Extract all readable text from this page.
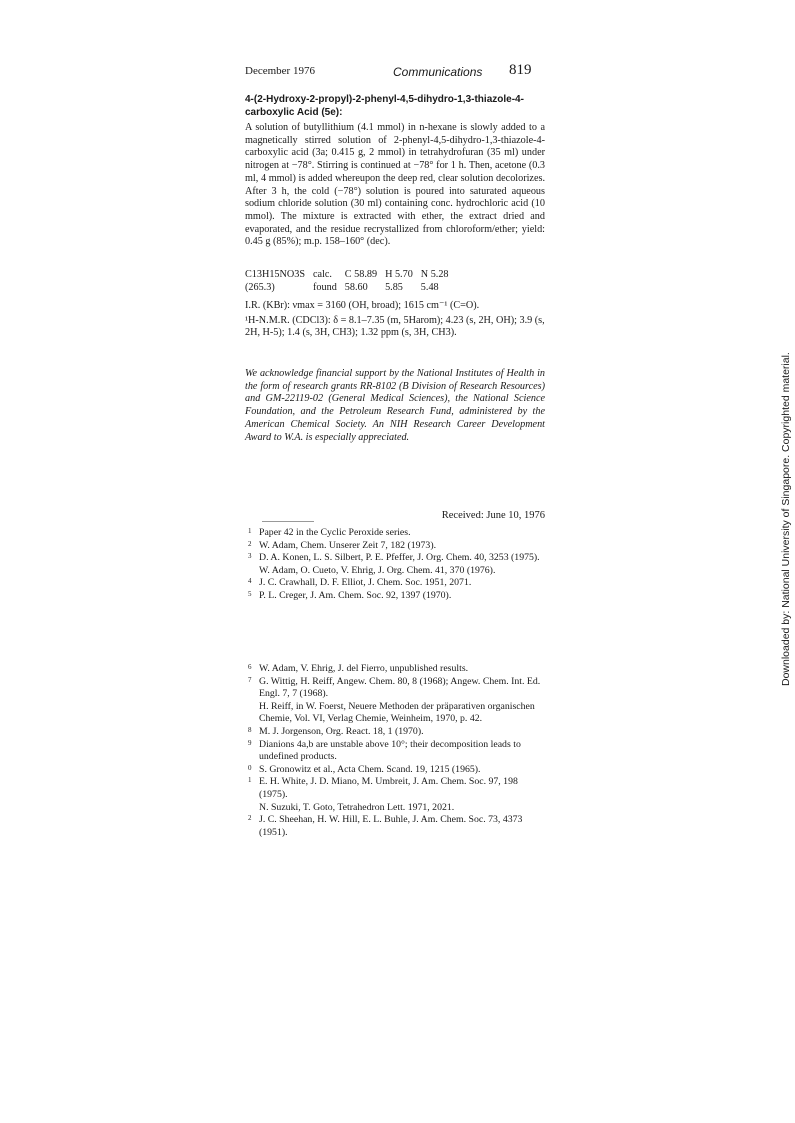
December 1976	Communications 819

4-(2-Hydroxy-2-propyl)-2-phenyl-4,5-dihydro-1,3-thiazole-4-carboxylic Acid (5e):

A solution of butyllithium (4.1 mmol) in n-hexane is slowly added to a magnetically stirred solution of 2-phenyl-4,5-dihydro-1,3-thiazole-4-carboxylic acid (3a; 0.415 g, 2 mmol) in tetrahydrofuran (35 ml) under nitrogen at −78°. Stirring is continued at −78° for 1 h. Then, acetone (0.3 ml, 4 mmol) is added whereupon the deep red, clear solution decolorizes. After 3 h, the cold (−78°) solution is poured into saturated aqueous sodium chloride solution (30 ml) containing conc. hydrochloric acid (10 mmol). The mixture is extracted with ether, the extract dried and evaporated, and the residue recrystallized from chloroform/ether; yield: 0.45 g (85%); m.p. 158–160° (dec).

C13H15NO3S	calc.	C 58.89	H 5.70	N 5.28
(265.3)	found	58.60	5.85	5.48

I.R. (KBr): νmax = 3160 (OH, broad); 1615 cm⁻¹ (C=O).

¹H-N.M.R. (CDCl3): δ = 8.1–7.35 (m, 5Harom); 4.23 (s, 2H, OH); 3.9 (s, 2H, H-5); 1.4 (s, 3H, CH3); 1.32 ppm (s, 3H, CH3).

We acknowledge financial support by the National Institutes of Health in the form of research grants RR-8102 (B Division of Research Resources) and GM-22119-02 (General Medical Sciences), the National Science Foundation, and the Petroleum Research Fund, administered by the American Chemical Society. An NIH Research Career Development Award to W.A. is especially appreciated.

Received: June 10, 1976
1 Paper 42 in the Cyclic Peroxide series.
2 W. Adam, Chem. Unserer Zeit 7, 182 (1973).
3 D. A. Konen, L. S. Silbert, P. E. Pfeffer, J. Org. Chem. 40, 3253 (1975).
W. Adam, O. Cueto, V. Ehrig, J. Org. Chem. 41, 370 (1976).
4 J. C. Crawhall, D. F. Elliot, J. Chem. Soc. 1951, 2071.
5 P. L. Creger, J. Am. Chem. Soc. 92, 1397 (1970).
6 W. Adam, V. Ehrig, J. del Fierro, unpublished results.
7 G. Wittig, H. Reiff, Angew. Chem. 80, 8 (1968); Angew. Chem. Int. Ed. Engl. 7, 7 (1968).
H. Reiff, in W. Foerst, Neuere Methoden der präparativen organischen Chemie, Vol. VI, Verlag Chemie, Weinheim, 1970, p. 42.
8 M. J. Jorgenson, Org. React. 18, 1 (1970).
9 Dianions 4a,b are unstable above 10°; their decomposition leads to undefined products.
0 S. Gronowitz et al., Acta Chem. Scand. 19, 1215 (1965).
1 E. H. White, J. D. Miano, M. Umbreit, J. Am. Chem. Soc. 97, 198 (1975).
N. Suzuki, T. Goto, Tetrahedron Lett. 1971, 2021.
2 J. C. Sheehan, H. W. Hill, E. L. Buhle, J. Am. Chem. Soc. 73, 4373 (1951).
Downloaded by: National University of Singapore. Copyrighted material.
